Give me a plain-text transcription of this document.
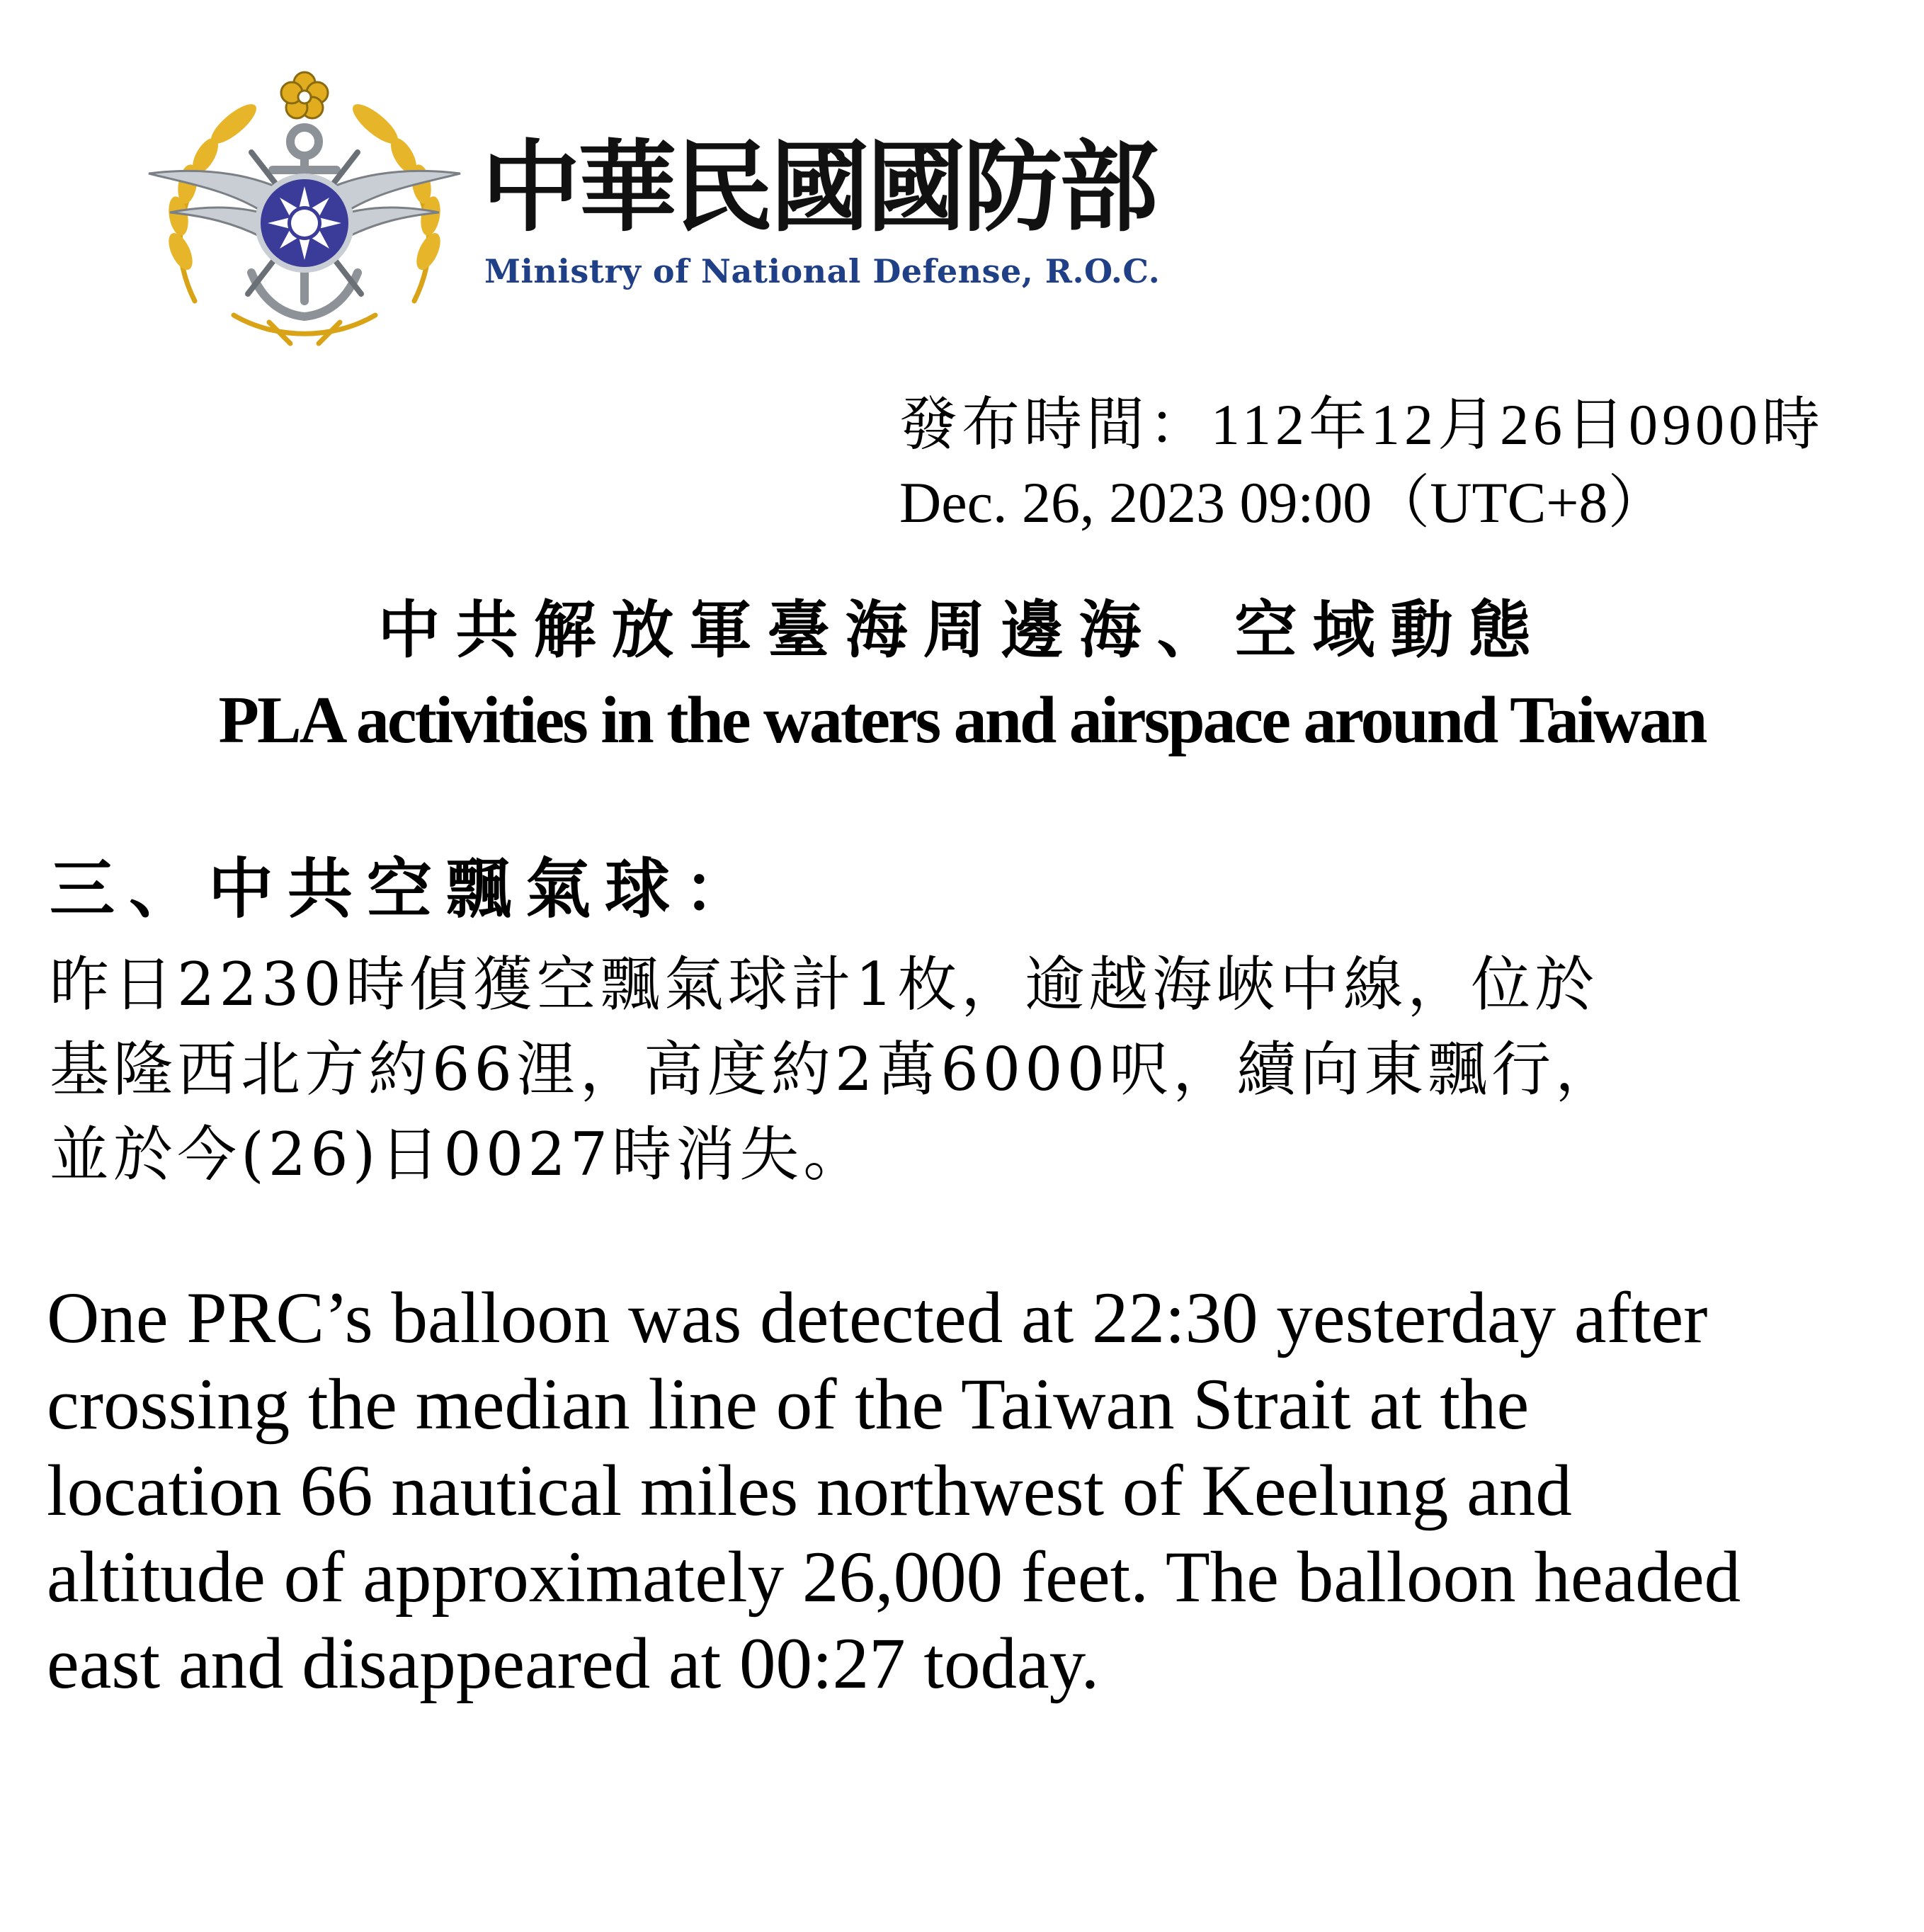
中華民國國防部
Ministry of National Defense, R.O.C.
發布時間：112年12月26日0900時
Dec. 26, 2023 09:00（UTC+8）
中共解放軍臺海周邊海、空域動態
PLA activities in the waters and airspace around Taiwan
三、中共空飄氣球：
昨日2230時偵獲空飄氣球計1枚，逾越海峽中線，位於
基隆西北方約66浬，高度約2萬6000呎，續向東飄行，
並於今(26)日0027時消失。
One PRC’s balloon was detected at 22:30 yesterday after
crossing the median line of the Taiwan Strait at the
location 66 nautical miles northwest of Keelung and
altitude of approximately 26,000 feet. The balloon headed
east and disappeared at 00:27 today.
